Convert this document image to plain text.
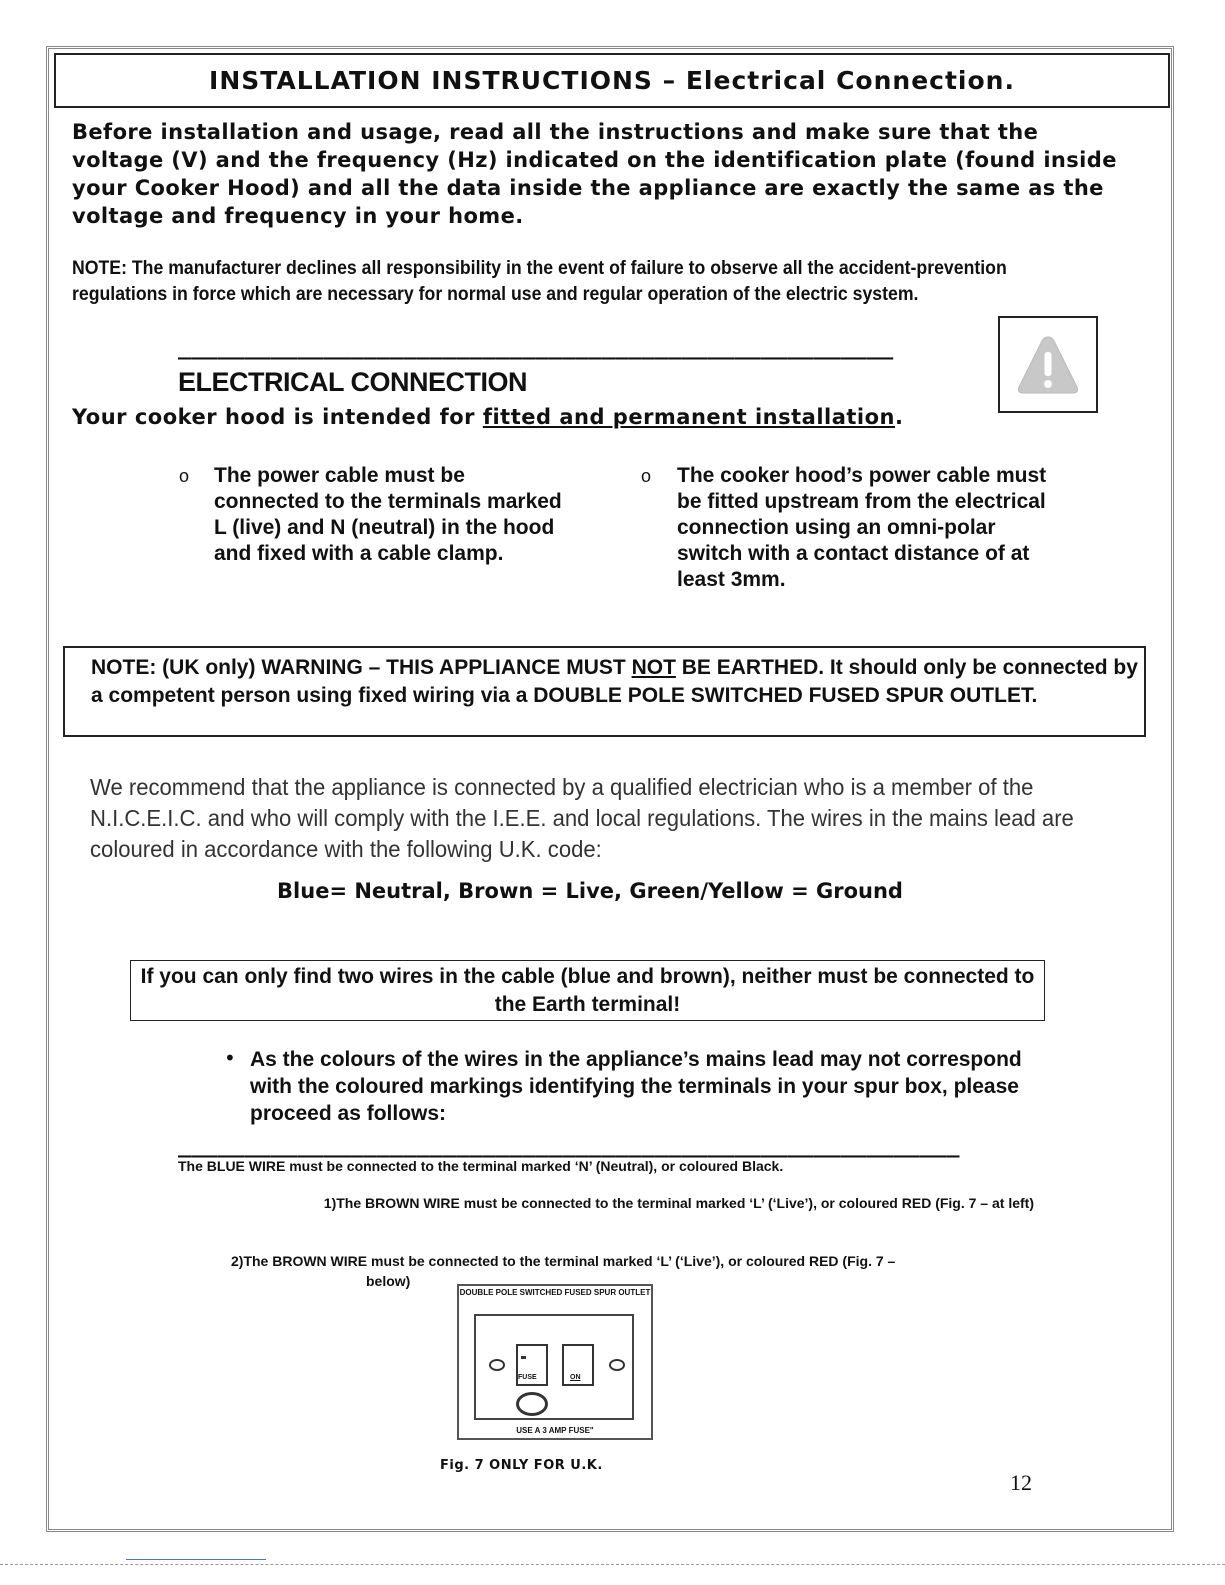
INSTALLATION INSTRUCTIONS – Electrical Connection.
Before installation and usage, read all the instructions and make sure that the voltage (V) and the frequency (Hz) indicated on the identification plate (found inside your Cooker Hood) and all the data inside the appliance are exactly the same as the voltage and frequency in your home.
NOTE: The manufacturer declines all responsibility in the event of failure to observe all the accident-prevention regulations in force which are necessary for normal use and regular operation of the electric system.
______________________________________________________
ELECTRICAL CONNECTION
Your cooker hood is intended for fitted and permanent installation.
o The power cable must be connected to the terminals marked L (live) and N (neutral) in the hood and fixed with a cable clamp.
o The cooker hood’s power cable must be fitted upstream from the electrical connection using an omni-polar switch with a contact distance of at least 3mm.
NOTE: (UK only) WARNING – THIS APPLIANCE MUST NOT BE EARTHED. It should only be connected by a competent person using fixed wiring via a DOUBLE POLE SWITCHED FUSED SPUR OUTLET.
We recommend that the appliance is connected by a qualified electrician who is a member of the N.I.C.E.I.C. and who will comply with the I.E.E. and local regulations. The wires in the mains lead are coloured in accordance with the following U.K. code:
Blue= Neutral, Brown = Live, Green/Yellow = Ground
If you can only find two wires in the cable (blue and brown), neither must be connected to the Earth terminal!
• As the colours of the wires in the appliance’s mains lead may not correspond with the coloured markings identifying the terminals in your spur box, please proceed as follows:
___________________________________________________________
The BLUE WIRE must be connected to the terminal marked ‘N’ (Neutral), or coloured Black.
1)The BROWN WIRE must be connected to the terminal marked ‘L’ (‘Live’), or coloured RED (Fig. 7 – at left)
2)The BROWN WIRE must be connected to the terminal marked ‘L’ (‘Live’), or coloured RED (Fig. 7 –
below)
DOUBLE POLE SWITCHED FUSED SPUR OUTLET
FUSE	ON
USE A 3 AMP FUSE"
Fig. 7 ONLY FOR U.K.
12
